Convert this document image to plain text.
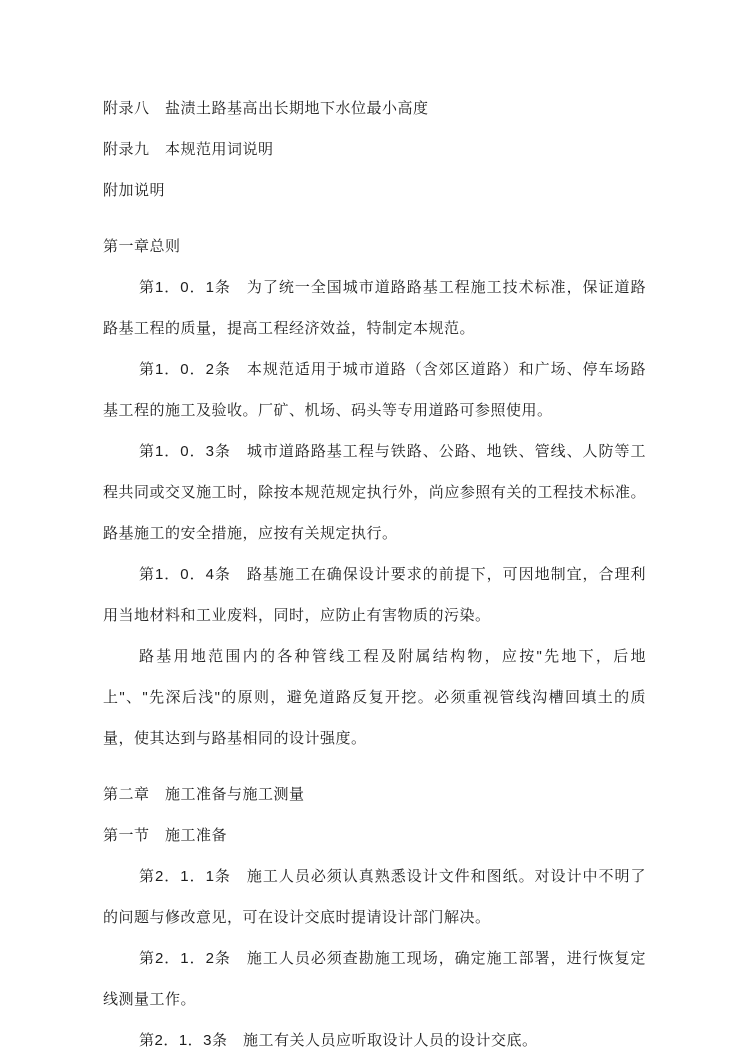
附录八　盐渍土路基高出长期地下水位最小高度

附录九　本规范用词说明

附加说明

第一章总则

第1．0．1条　为了统一全国城市道路路基工程施工技术标准，保证道路路基工程的质量，提高工程经济效益，特制定本规范。

第1．0．2条　本规范适用于城市道路（含郊区道路）和广场、停车场路基工程的施工及验收。厂矿、机场、码头等专用道路可参照使用。

第1．0．3条　城市道路路基工程与铁路、公路、地铁、管线、人防等工程共同或交叉施工时，除按本规范规定执行外，尚应参照有关的工程技术标准。路基施工的安全措施，应按有关规定执行。

第1．0．4条　路基施工在确保设计要求的前提下，可因地制宜，合理利用当地材料和工业废料，同时，应防止有害物质的污染。

路基用地范围内的各种管线工程及附属结构物，应按"先地下，后地上"、"先深后浅"的原则，避免道路反复开挖。必须重视管线沟槽回填土的质量，使其达到与路基相同的设计强度。

第二章　施工准备与施工测量

第一节　施工准备

第2．1．1条　施工人员必须认真熟悉设计文件和图纸。对设计中不明了的问题与修改意见，可在设计交底时提请设计部门解决。

第2．1．2条　施工人员必须查勘施工现场，确定施工部署，进行恢复定线测量工作。

第2．1．3条　施工有关人员应听取设计人员的设计交底。
